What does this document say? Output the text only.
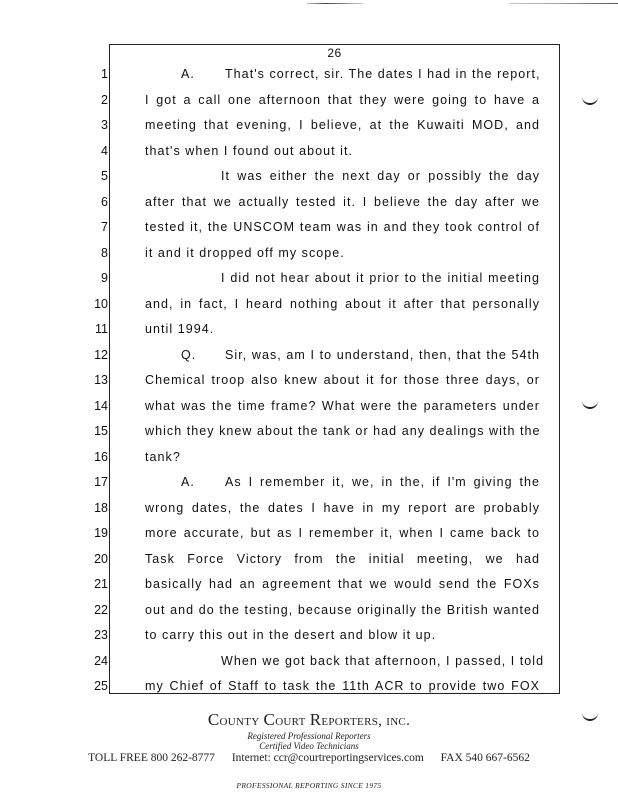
26
1
2
3
4
5
6
7
8
9
10
11
12
13
14
15
16
17
18
19
20
21
22
23
24
25
A. That's correct, sir. The dates I had in the report,
I got a call one afternoon that they were going to have a
meeting that evening, I believe, at the Kuwaiti MOD, and
that's when I found out about it.
It was either the next day or possibly the day
after that we actually tested it. I believe the day after we
tested it, the UNSCOM team was in and they took control of
it and it dropped off my scope.
I did not hear about it prior to the initial meeting
and, in fact, I heard nothing about it after that personally
until 1994.
Q. Sir, was, am I to understand, then, that the 54th
Chemical troop also knew about it for those three days, or
what was the time frame? What were the parameters under
which they knew about the tank or had any dealings with the
tank?
A. As I remember it, we, in the, if I'm giving the
wrong dates, the dates I have in my report are probably
more accurate, but as I remember it, when I came back to
Task Force Victory from the initial meeting, we had
basically had an agreement that we would send the FOXs
out and do the testing, because originally the British wanted
to carry this out in the desert and blow it up.
When we got back that afternoon, I passed, I told
my Chief of Staff to task the 11th ACR to provide two FOX
County Court Reporters, inc.
Registered Professional Reporters
Certified Video Technicians
TOLL FREE 800 262-8777 Internet: ccr@courtreportingservices.com FAX 540 667-6562
PROFESSIONAL REPORTING SINCE 1975
